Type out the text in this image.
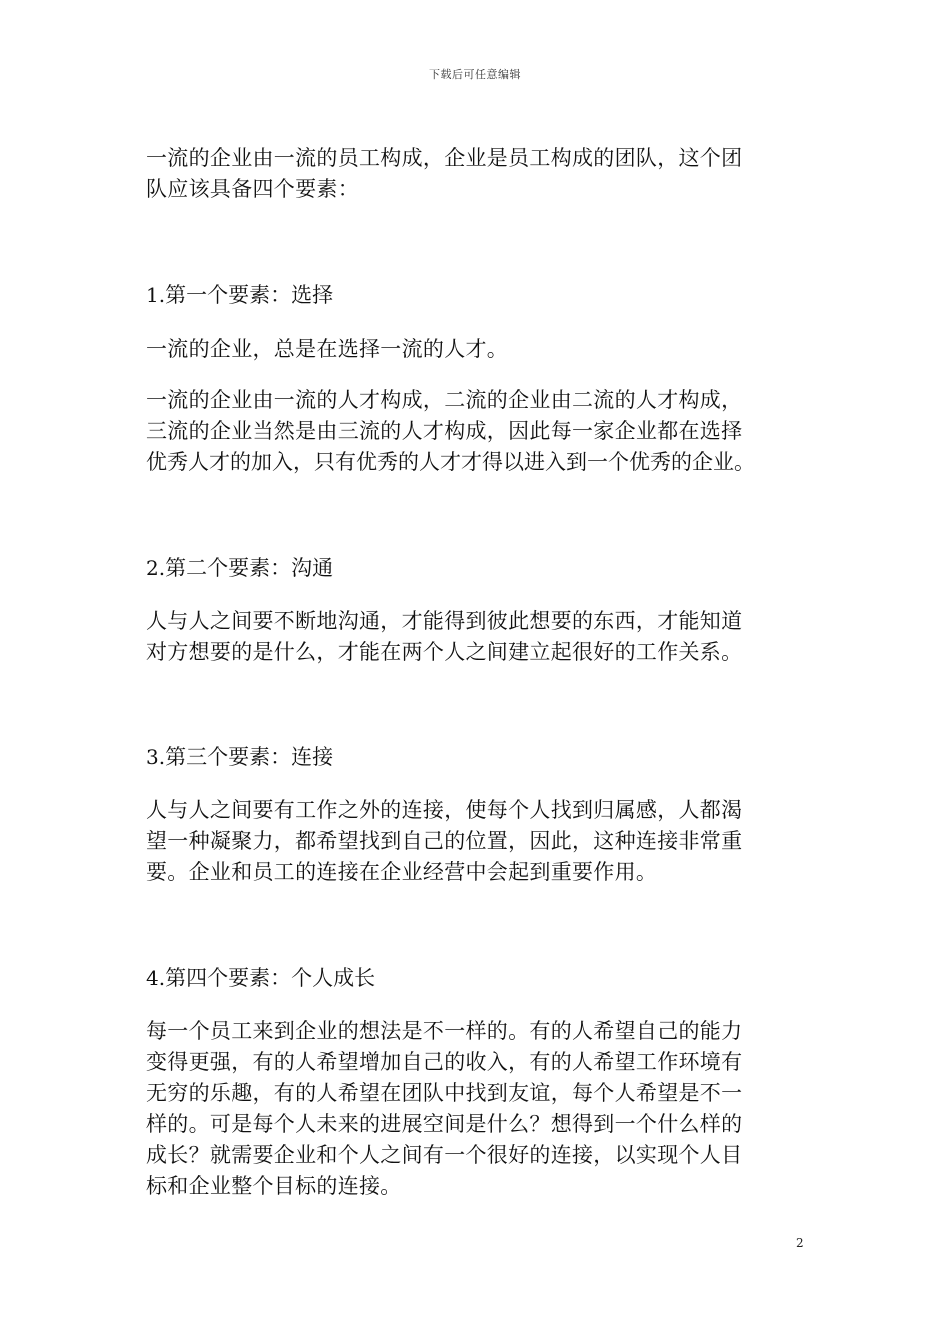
下载后可任意编辑
一流的企业由一流的员工构成，企业是员工构成的团队，这个团
队应该具备四个要素：
1.第一个要素：选择
一流的企业，总是在选择一流的人才。
一流的企业由一流的人才构成，二流的企业由二流的人才构成，
三流的企业当然是由三流的人才构成，因此每一家企业都在选择
优秀人才的加入，只有优秀的人才才得以进入到一个优秀的企业。
2.第二个要素：沟通
人与人之间要不断地沟通，才能得到彼此想要的东西，才能知道
对方想要的是什么，才能在两个人之间建立起很好的工作关系。
3.第三个要素：连接
人与人之间要有工作之外的连接，使每个人找到归属感，人都渴
望一种凝聚力，都希望找到自己的位置，因此，这种连接非常重
要。企业和员工的连接在企业经营中会起到重要作用。
4.第四个要素：个人成长
每一个员工来到企业的想法是不一样的。有的人希望自己的能力
变得更强，有的人希望增加自己的收入，有的人希望工作环境有
无穷的乐趣，有的人希望在团队中找到友谊，每个人希望是不一
样的。可是每个人未来的进展空间是什么？想得到一个什么样的
成长？就需要企业和个人之间有一个很好的连接，以实现个人目
标和企业整个目标的连接。
2
